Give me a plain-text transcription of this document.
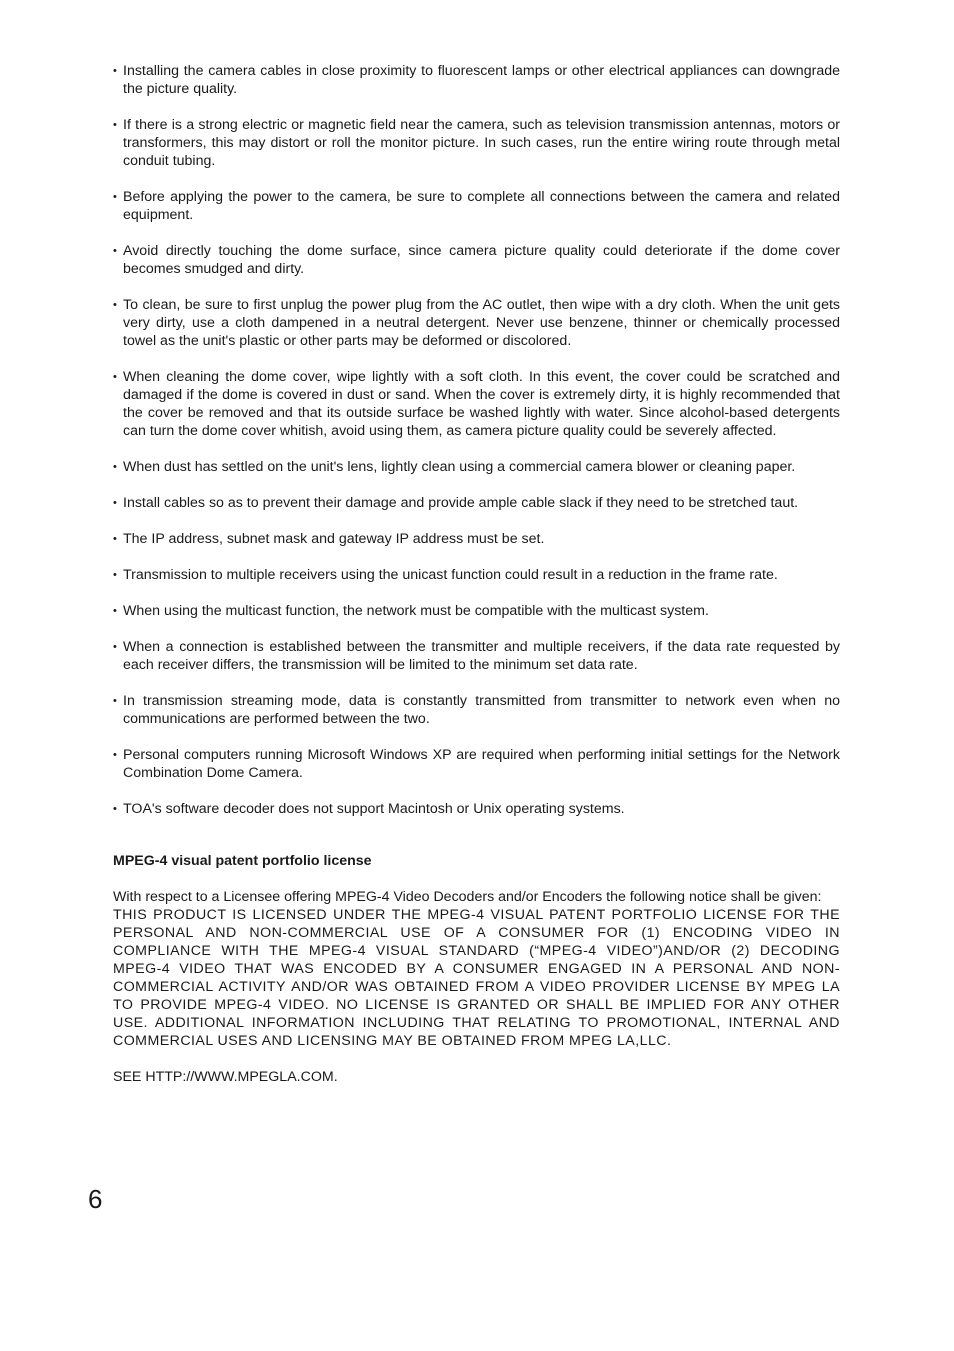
• Installing the camera cables in close proximity to fluorescent lamps or other electrical appliances can downgrade the picture quality.
• If there is a strong electric or magnetic field near the camera, such as television transmission antennas, motors or transformers, this may distort or roll the monitor picture. In such cases, run the entire wiring route through metal conduit tubing.
• Before applying the power to the camera, be sure to complete all connections between the camera and related equipment.
• Avoid directly touching the dome surface, since camera picture quality could deteriorate if the dome cover becomes smudged and dirty.
• To clean, be sure to first unplug the power plug from the AC outlet, then wipe with a dry cloth. When the unit gets very dirty, use a cloth dampened in a neutral detergent. Never use benzene, thinner or chemically processed towel as the unit's plastic or other parts may be deformed or discolored.
• When cleaning the dome cover, wipe lightly with a soft cloth. In this event, the cover could be scratched and damaged if the dome is covered in dust or sand. When the cover is extremely dirty, it is highly recommended that the cover be removed and that its outside surface be washed lightly with water. Since alcohol-based detergents can turn the dome cover whitish, avoid using them, as camera picture quality could be severely affected.
• When dust has settled on the unit's lens, lightly clean using a commercial camera blower or cleaning paper.
• Install cables so as to prevent their damage and provide ample cable slack if they need to be stretched taut.
• The IP address, subnet mask and gateway IP address must be set.
• Transmission to multiple receivers using the unicast function could result in a reduction in the frame rate.
• When using the multicast function, the network must be compatible with the multicast system.
• When a connection is established between the transmitter and multiple receivers, if the data rate requested by each receiver differs, the transmission will be limited to the minimum set data rate.
• In transmission streaming mode, data is constantly transmitted from transmitter to network even when no communications are performed between the two.
• Personal computers running Microsoft Windows XP are required when performing initial settings for the Network Combination Dome Camera.
• TOA's software decoder does not support Macintosh or Unix operating systems.
MPEG-4 visual patent portfolio license

With respect to a Licensee offering MPEG-4 Video Decoders and/or Encoders the following notice shall be given:

THIS PRODUCT IS LICENSED UNDER THE MPEG-4 VISUAL PATENT PORTFOLIO LICENSE FOR THE PERSONAL AND NON-COMMERCIAL USE OF A CONSUMER FOR (1) ENCODING VIDEO IN COMPLIANCE WITH THE MPEG-4 VISUAL STANDARD (“MPEG-4 VIDEO”)AND/OR (2) DECODING MPEG-4 VIDEO THAT WAS ENCODED BY A CONSUMER ENGAGED IN A PERSONAL AND NON-COMMERCIAL ACTIVITY AND/OR WAS OBTAINED FROM A VIDEO PROVIDER LICENSE BY MPEG LA TO PROVIDE MPEG-4 VIDEO. NO LICENSE IS GRANTED OR SHALL BE IMPLIED FOR ANY OTHER USE. ADDITIONAL INFORMATION INCLUDING THAT RELATING TO PROMOTIONAL, INTERNAL AND COMMERCIAL USES AND LICENSING MAY BE OBTAINED FROM MPEG LA,LLC.

SEE HTTP://WWW.MPEGLA.COM.

6
